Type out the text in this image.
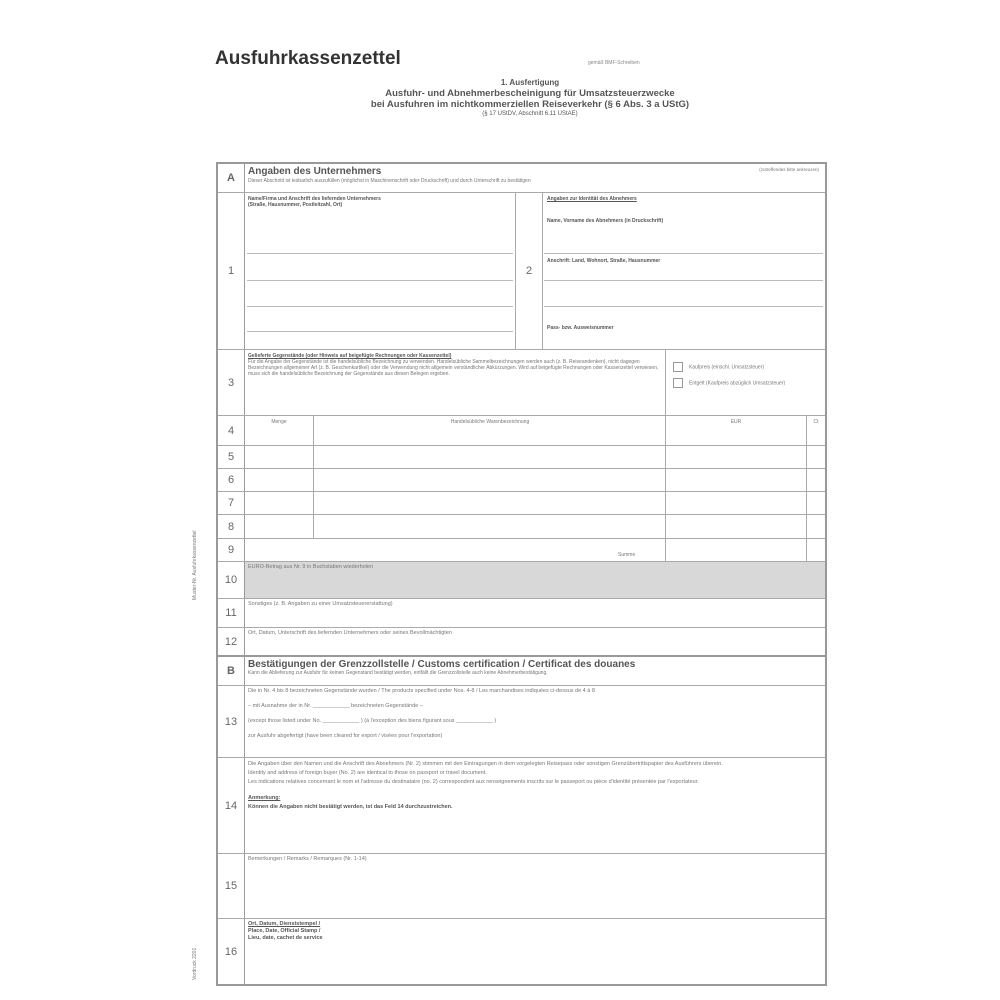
Ausfuhrkassenzettel	gemäß BMF-Schreiben
1. Ausfertigung
Ausfuhr- und Abnehmerbescheinigung für Umsatzsteuerzwecke
bei Ausfuhren im nichtkommerziellen Reiseverkehr (§ 6 Abs. 3 a UStG)
(§ 17 UStDV, Abschnitt 6.11 UStAE)
Muster-Nr. Ausfuhrkassenzettel
Vordruck 2201
A
Angaben des Unternehmers	(zutreffendes bitte ankreuzen)
Dieser Abschnitt ist lesbarlich auszufüllen (möglichst in Maschinenschrift oder Druckschrift) und durch Unterschrift zu bestätigen
1
Name/Firma und Anschrift des liefernden Unternehmers (Straße, Hausnummer, Postleitzahl, Ort)
2
Angaben zur Identität des Abnehmers
Name, Vorname des Abnehmers (in Druckschrift)
Anschrift: Land, Wohnort, Straße, Hausnummer
Pass- bzw. Ausweisnummer
3
Gelieferte Gegenstände (oder Hinweis auf beigefügte Rechnungen oder Kassenzettel)
Für die Angabe der Gegenstände ist die handelsübliche Bezeichnung zu verwenden. Handelsübliche Sammelbezeichnungen werden auch (z. B. Reiseandenken), nicht dagegen Bezeichnungen allgemeiner Art (z. B. Geschenkartikel) oder die Verwendung nicht allgemein verständlicher Abkürzungen. Wird auf beigefügte Rechnungen oder Kassenzettel verwiesen, muss sich die handelsübliche Bezeichnung der Gegenstände aus diesen Belegen ergeben.
Kaufpreis (einschl. Umsatzsteuer)
Entgelt (Kaufpreis abzüglich Umsatzsteuer)
4
Menge	Handelsübliche Warenbezeichnung	EUR	Ct
5
6
7
8
9	Summe
10
EURO-Betrag aus Nr. 9 in Buchstaben wiederholen
11
Sonstiges (z. B. Angaben zu einer Umsatzsteuererstattung)
12
Ort, Datum, Unterschrift des liefernden Unternehmers oder seines Bevollmächtigten
B
Bestätigungen der Grenzzollstelle / Customs certification / Certificat des douanes
Kann die Ablieferung zur Ausfuhr für keinen Gegenstand bestätigt werden, entfällt die Grenzzollstelle auch keine Abnehmerbestätigung.
13
Die in Nr. 4 bis 8 bezeichneten Gegenstände wurden / The products specified under Nos. 4-8 / Les marchandises indiquées ci-dessus de 4 à 8
– mit Ausnahme der in Nr. ____________ bezeichneten Gegenstände –
(except those listed under No. ____________ ) (à l'exception des biens figurant sous ____________ )
zur Ausfuhr abgefertigt (have been cleared for export / visées pour l'exportation)
14
Die Angaben über den Namen und die Anschrift des Abnehmers (Nr. 2) stimmen mit den Eintragungen in dem vorgelegten Reisepass oder sonstigen Grenzübertrittspapier des Ausführers überein.
Identity and address of foreign buyer (No. 2) are identical to those on passport or travel document.
Les indications relatives concernant le nom et l'adresse du destinataire (no. 2) correspondent aux renseignements inscrits sur le passeport ou pièce d'identité présentée par l'exportateur.
Anmerkung:
Können die Angaben nicht bestätigt werden, ist das Feld 14 durchzustreichen.
15
Bemerkungen / Remarks / Remarques (Nr. 1-14)
16
Ort, Datum, Dienststempel /
Place, Date, Official Stamp /
Lieu, date, cachet de service
